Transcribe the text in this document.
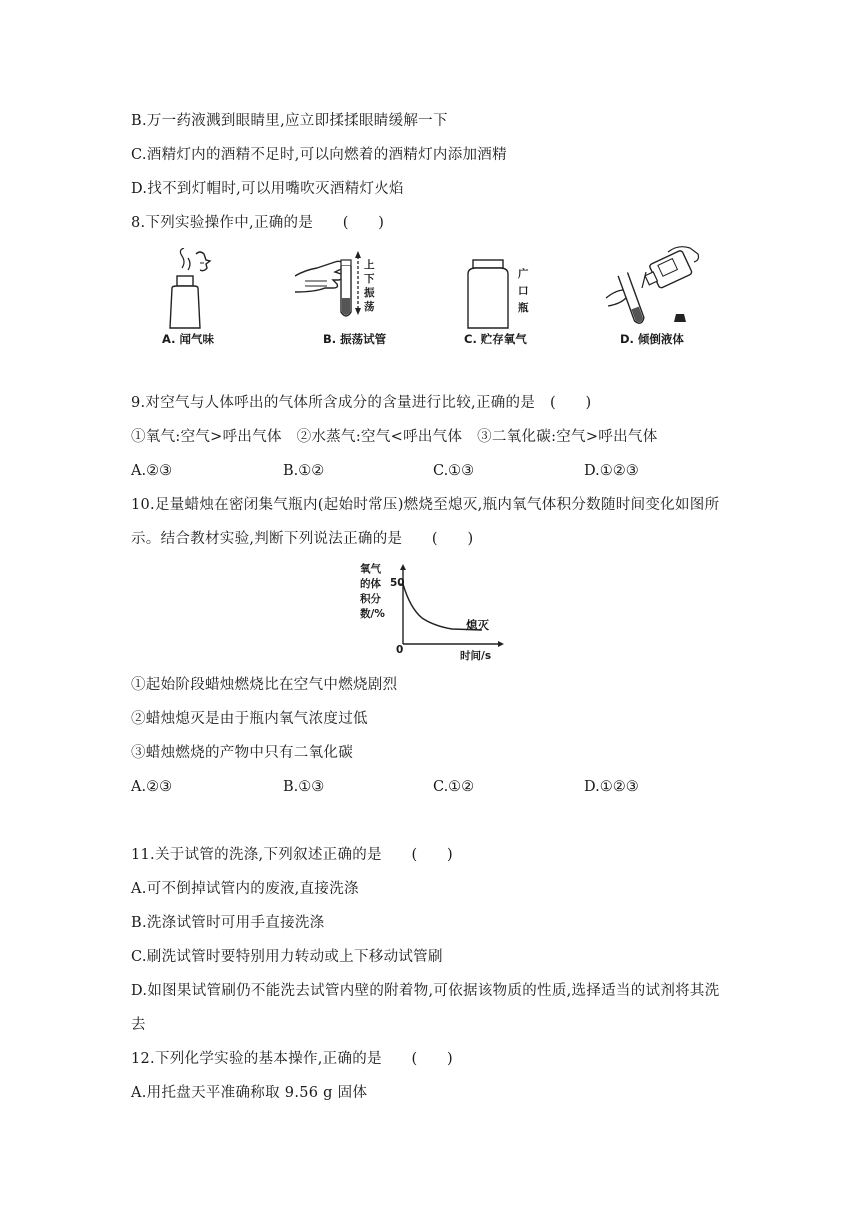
B.万一药液溅到眼睛里,应立即揉揉眼睛缓解一下
C.酒精灯内的酒精不足时,可以向燃着的酒精灯内添加酒精
D.找不到灯帽时,可以用嘴吹灭酒精灯火焰
8.下列实验操作中,正确的是　　(　　)
A. 闻气味
上
下
振
荡
B. 振荡试管
广
口
瓶
C. 贮存氧气	D. 倾倒液体
9.对空气与人体呼出的气体所含成分的含量进行比较,正确的是　(　　)
①氧气:空气>呼出气体　②水蒸气:空气<呼出气体　③二氧化碳:空气>呼出气体
A.②③	B.①②	C.①③	D.①②③
10.足量蜡烛在密闭集气瓶内(起始时常压)燃烧至熄灭,瓶内氧气体积分数随时间变化如图所
示。结合教材实验,判断下列说法正确的是　　(　　)
氧气
的体
积分
数/%
50
0
熄灭
时间/s
①起始阶段蜡烛燃烧比在空气中燃烧剧烈
②蜡烛熄灭是由于瓶内氧气浓度过低
③蜡烛燃烧的产物中只有二氧化碳
A.②③	B.①③	C.①②	D.①②③
11.关于试管的洗涤,下列叙述正确的是　　(　　)
A.可不倒掉试管内的废液,直接洗涤
B.洗涤试管时可用手直接洗涤
C.刷洗试管时要特别用力转动或上下移动试管刷
D.如图果试管刷仍不能洗去试管内壁的附着物,可依据该物质的性质,选择适当的试剂将其洗
去
12.下列化学实验的基本操作,正确的是　　(　　)
A.用托盘天平准确称取 9.56 g 固体
